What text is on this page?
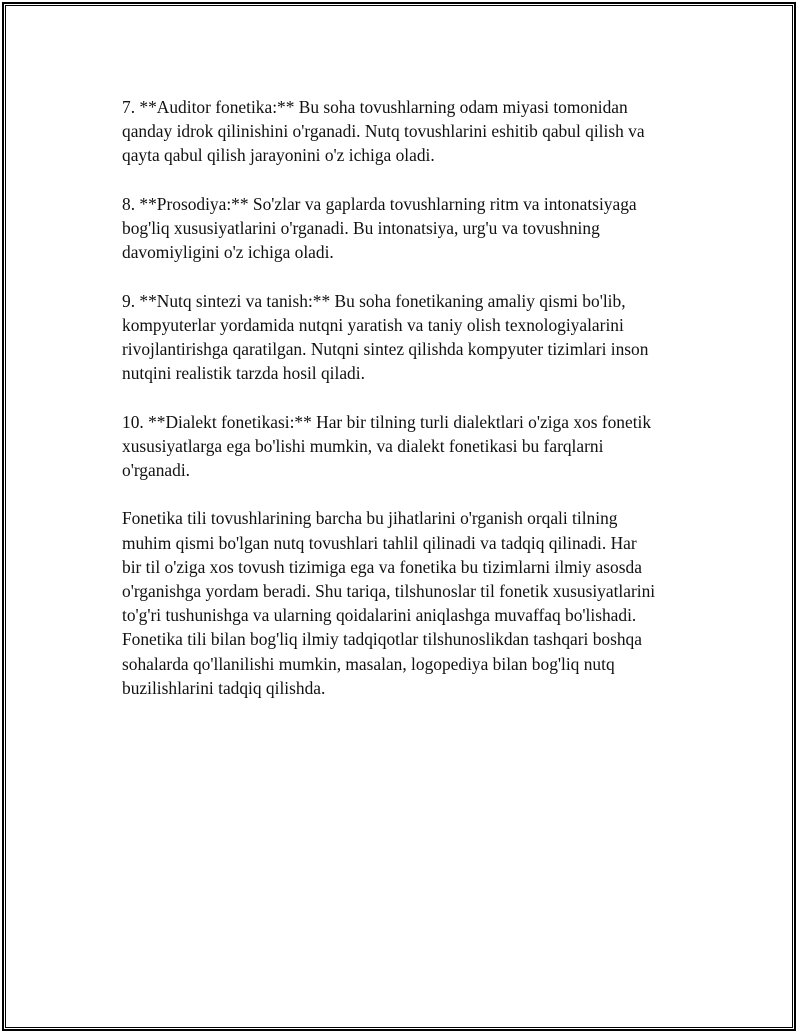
7. **Auditor fonetika:** Bu soha tovushlarning odam miyasi tomonidan
qanday idrok qilinishini o'rganadi. Nutq tovushlarini eshitib qabul qilish va
qayta qabul qilish jarayonini o'z ichiga oladi.

8. **Prosodiya:** So'zlar va gaplarda tovushlarning ritm va intonatsiyaga
bog'liq xususiyatlarini o'rganadi. Bu intonatsiya, urg'u va tovushning
davomiyligini o'z ichiga oladi.

9. **Nutq sintezi va tanish:** Bu soha fonetikaning amaliy qismi bo'lib,
kompyuterlar yordamida nutqni yaratish va taniy olish texnologiyalarini
rivojlantirishga qaratilgan. Nutqni sintez qilishda kompyuter tizimlari inson
nutqini realistik tarzda hosil qiladi.

10. **Dialekt fonetikasi:** Har bir tilning turli dialektlari o'ziga xos fonetik
xususiyatlarga ega bo'lishi mumkin, va dialekt fonetikasi bu farqlarni
o'rganadi.

Fonetika tili tovushlarining barcha bu jihatlarini o'rganish orqali tilning
muhim qismi bo'lgan nutq tovushlari tahlil qilinadi va tadqiq qilinadi. Har
bir til o'ziga xos tovush tizimiga ega va fonetika bu tizimlarni ilmiy asosda
o'rganishga yordam beradi. Shu tariqa, tilshunoslar til fonetik xususiyatlarini
to'g'ri tushunishga va ularning qoidalarini aniqlashga muvaffaq bo'lishadi.
Fonetika tili bilan bog'liq ilmiy tadqiqotlar tilshunoslikdan tashqari boshqa
sohalarda qo'llanilishi mumkin, masalan, logopediya bilan bog'liq nutq
buzilishlarini tadqiq qilishda.
